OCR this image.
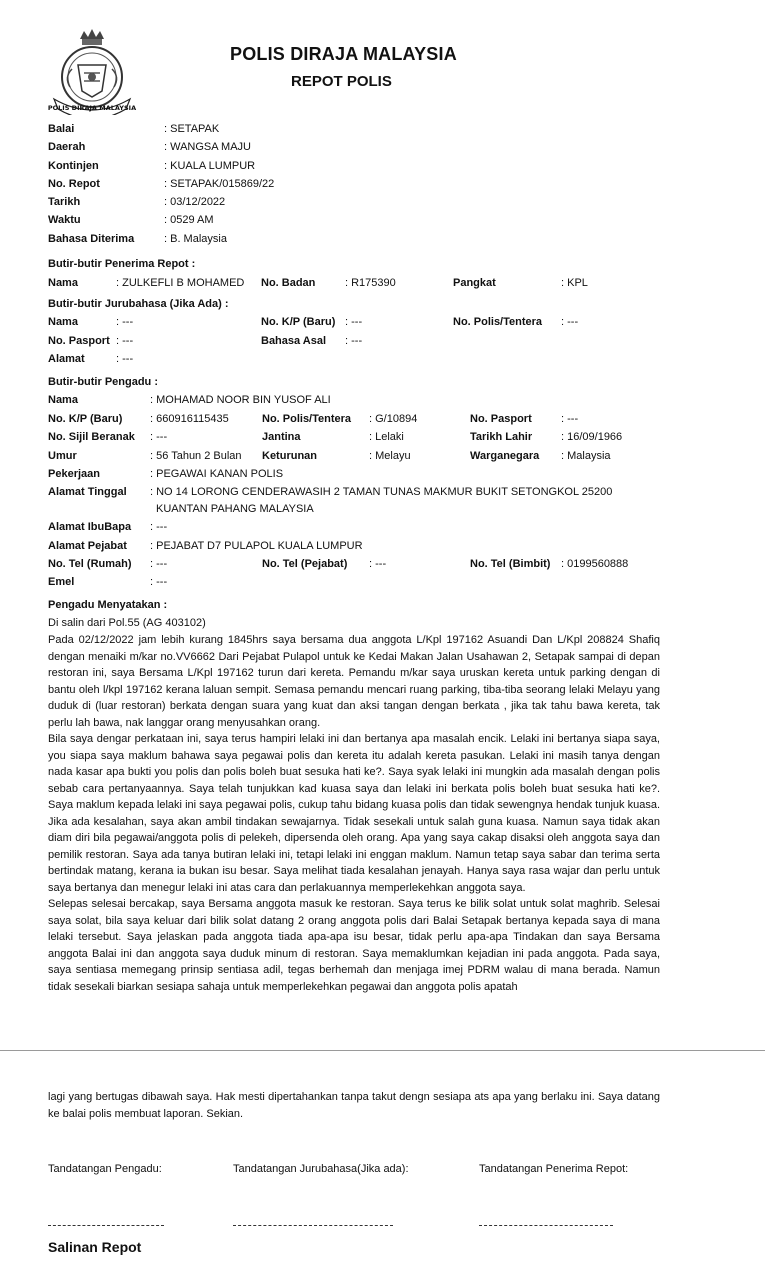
POLIS DIRAJA MALAYSIA
POLIS DIRAJA MALAYSIA
REPOT POLIS
Balai	: SETAPAK
Daerah	: WANGSA MAJU
Kontinjen	: KUALA LUMPUR
No. Repot	: SETAPAK/015869/22
Tarikh	: 03/12/2022
Waktu	: 0529 AM
Bahasa Diterima	: B. Malaysia
Butir-butir Penerima Repot :
Nama	: ZULKEFLI B MOHAMED No. Badan	: R175390	Pangkat	: KPL
Butir-butir Jurubahasa (Jika Ada) :
Nama	: ---	No. K/P (Baru) : ---	No. Polis/Tentera : ---
No. Pasport : ---	Bahasa Asal : ---
Alamat	: ---
Butir-butir Pengadu :
Nama	: MOHAMAD NOOR BIN YUSOF ALI
No. K/P (Baru)	: 660916115435	No. Polis/Tentera : G/10894	No. Pasport	: ---
No. Sijil Beranak : ---	Jantina	: Lelaki	Tarikh Lahir	: 16/09/1966
Umur	: 56 Tahun 2 Bulan Keturunan	: Melayu	Warganegara : Malaysia
Pekerjaan	: PEGAWAI KANAN POLIS
Alamat Tinggal : NO 14 LORONG CENDERAWASIH 2 TAMAN TUNAS MAKMUR BUKIT SETONGKOL 25200
KUANTAN PAHANG MALAYSIA
Alamat IbuBapa : ---
Alamat Pejabat : PEJABAT D7 PULAPOL KUALA LUMPUR
No. Tel (Rumah) : ---	No. Tel (Pejabat) : ---	No. Tel (Bimbit) : 0199560888
Emel	: ---
Pengadu Menyatakan :
Di salin dari Pol.55 (AG 403102)

Pada 02/12/2022 jam lebih kurang 1845hrs saya bersama dua anggota L/Kpl 197162 Asuandi Dan L/Kpl 208824 Shafiq dengan menaiki m/kar no.VV6662 Dari Pejabat Pulapol untuk ke Kedai Makan Jalan Usahawan 2, Setapak sampai di depan restoran ini, saya Bersama L/Kpl 197162 turun dari kereta. Pemandu m/kar saya uruskan kereta untuk parking dengan di bantu oleh l/kpl 197162 kerana laluan sempit. Semasa pemandu mencari ruang parking, tiba-tiba seorang lelaki Melayu yang duduk di (luar restoran) berkata dengan suara yang kuat dan aksi tangan dengan berkata , jika tak tahu bawa kereta, tak perlu lah bawa, nak langgar orang menyusahkan orang.

Bila saya dengar perkataan ini, saya terus hampiri lelaki ini dan bertanya apa masalah encik. Lelaki ini bertanya siapa saya, you siapa saya maklum bahawa saya pegawai polis dan kereta itu adalah kereta pasukan. Lelaki ini masih tanya dengan nada kasar apa bukti you polis dan polis boleh buat sesuka hati ke?. Saya syak lelaki ini mungkin ada masalah dengan polis sebab cara pertanyaannya. Saya telah tunjukkan kad kuasa saya dan lelaki ini berkata polis boleh buat sesuka hati ke?. Saya maklum kepada lelaki ini saya pegawai polis, cukup tahu bidang kuasa polis dan tidak sewengnya hendak tunjuk kuasa. Jika ada kesalahan, saya akan ambil tindakan sewajarnya. Tidak sesekali untuk salah guna kuasa. Namun saya tidak akan diam diri bila pegawai/anggota polis di pelekeh, dipersenda oleh orang. Apa yang saya cakap disaksi oleh anggota saya dan pemilik restoran. Saya ada tanya butiran lelaki ini, tetapi lelaki ini enggan maklum. Namun tetap saya sabar dan terima serta bertindak matang, kerana ia bukan isu besar. Saya melihat tiada kesalahan jenayah. Hanya saya rasa wajar dan perlu untuk saya bertanya dan menegur lelaki ini atas cara dan perlakuannya memperlekehkan anggota saya.

Selepas selesai bercakap, saya Bersama anggota masuk ke restoran. Saya terus ke bilik solat untuk solat maghrib. Selesai saya solat, bila saya keluar dari bilik solat datang 2 orang anggota polis dari Balai Setapak bertanya kepada saya di mana lelaki tersebut. Saya jelaskan pada anggota tiada apa-apa isu besar, tidak perlu apa-apa Tindakan dan saya Bersama anggota Balai ini dan anggota saya duduk minum di restoran. Saya memaklumkan kejadian ini pada anggota. Pada saya, saya sentiasa memegang prinsip sentiasa adil, tegas berhemah dan menjaga imej PDRM walau di mana berada. Namun tidak sesekali biarkan sesiapa sahaja untuk memperlekehkan pegawai dan anggota polis apatah

lagi yang bertugas dibawah saya. Hak mesti dipertahankan tanpa takut dengn sesiapa ats apa yang berlaku ini. Saya datang ke balai polis membuat laporan. Sekian.

Tandatangan Pengadu:	Tandatangan Jurubahasa(Jika ada):	Tandatangan Penerima Repot:
Salinan Repot
